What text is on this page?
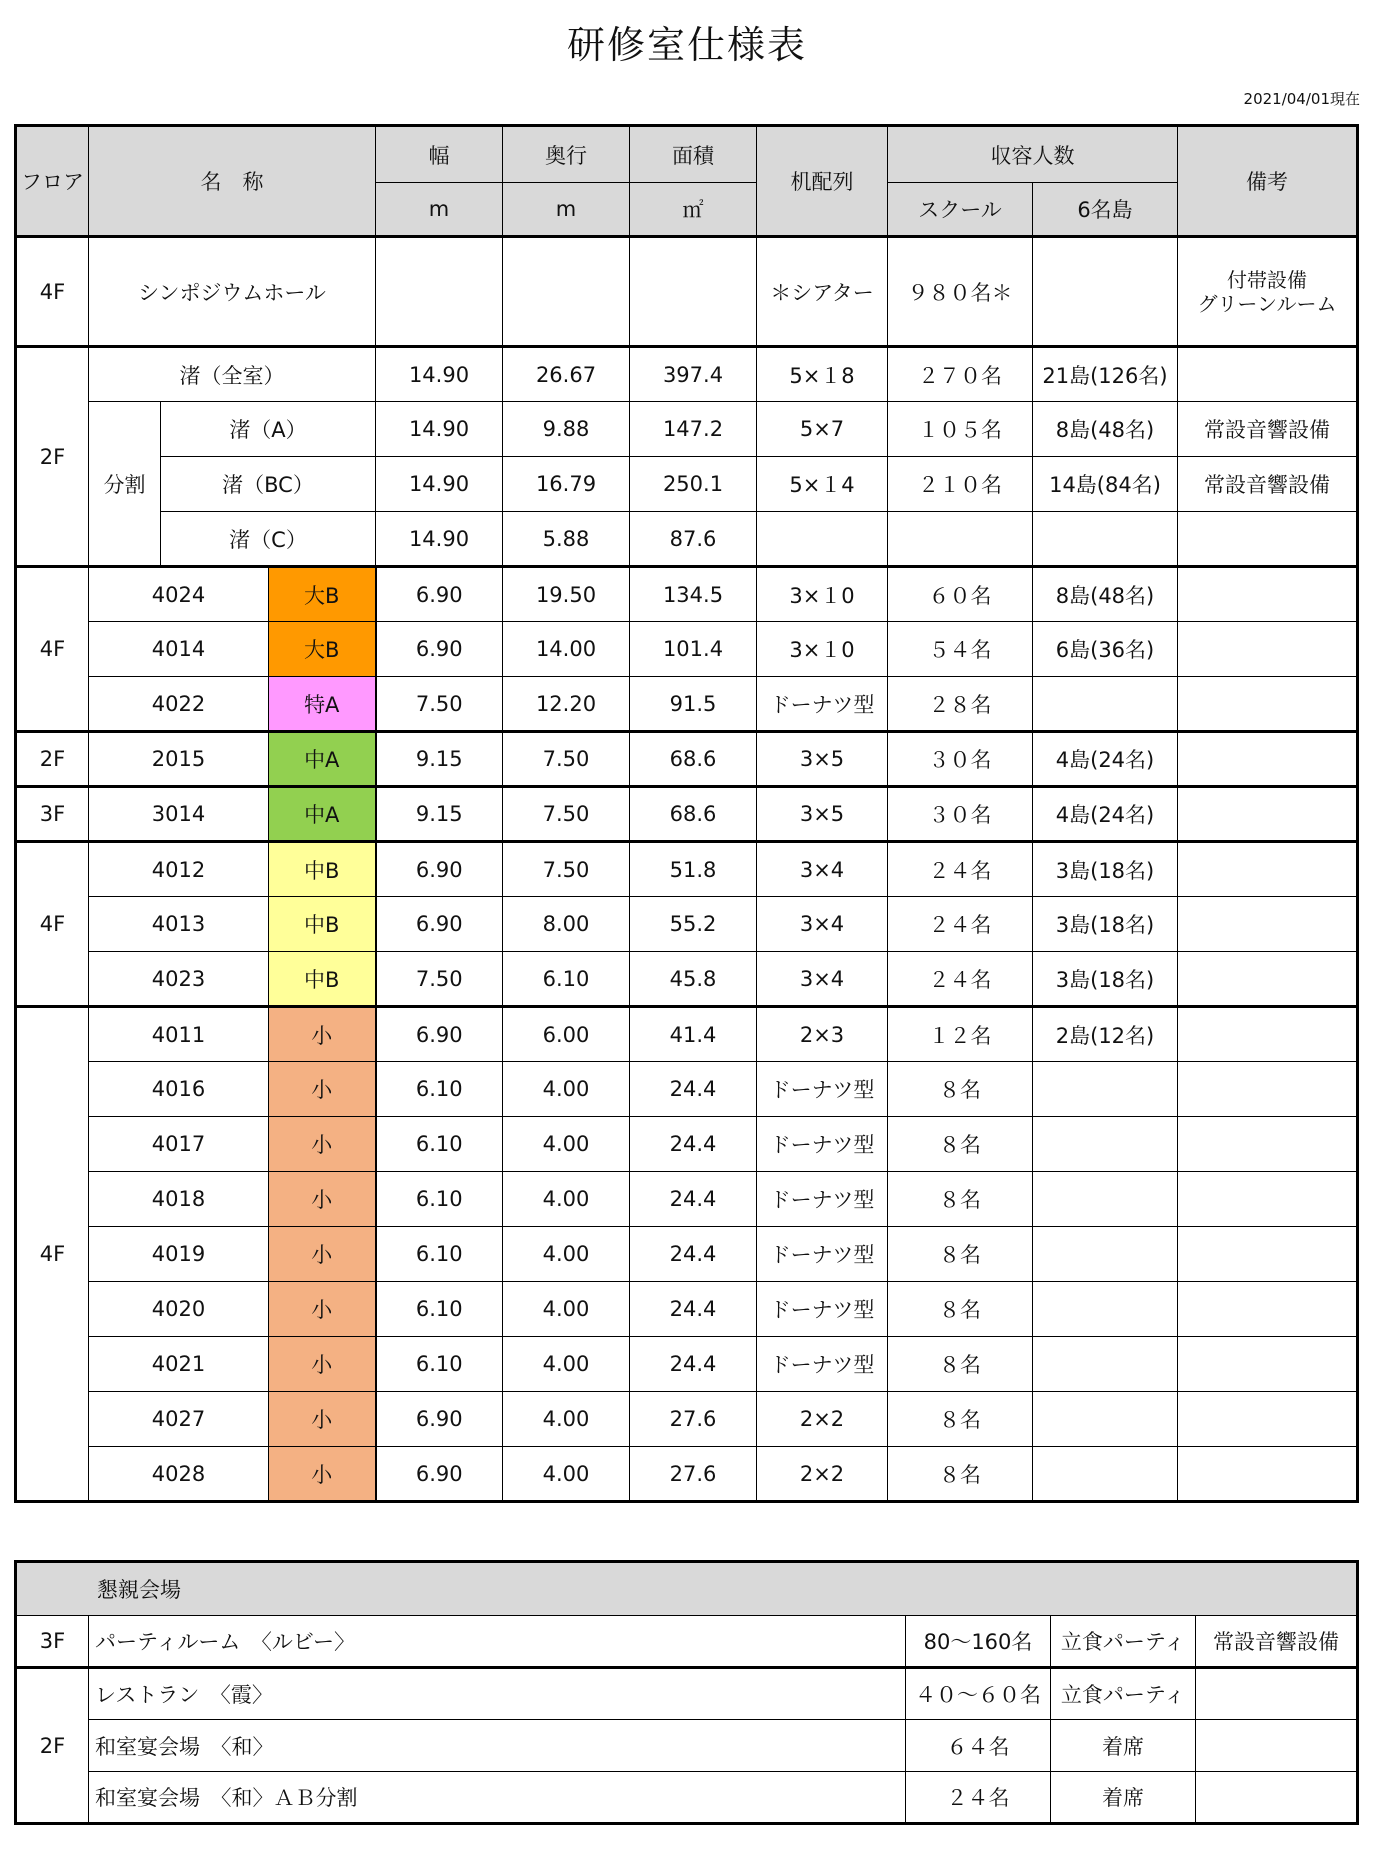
研修室仕様表
2021/04/01現在
フロア	名　称			幅	奥行	面積	机配列	収容人数		備考
				m	m	㎡		スクール	6名島	
4F	シンポジウムホール						＊シアター	９８０名＊		付帯設備
グリーンルーム
2F	渚（全室）			14.90	26.67	397.4	5×１8	２７０名	21島(126名)	
	分割	渚（A）		14.90	9.88	147.2	5×7	１０５名	8島(48名)	常設音響設備
		渚（BC）		14.90	16.79	250.1	5×１4	２１０名	14島(84名)	常設音響設備
		渚（C）		14.90	5.88	87.6				
4F	4024		大B	6.90	19.50	134.5	3×１0	６０名	8島(48名)	
	4014		大B	6.90	14.00	101.4	3×１0	５４名	6島(36名)	
	4022		特A	7.50	12.20	91.5	ドーナツ型	２８名		
2F	2015		中A	9.15	7.50	68.6	3×5	３０名	4島(24名)	
3F	3014		中A	9.15	7.50	68.6	3×5	３０名	4島(24名)	
4F	4012		中B	6.90	7.50	51.8	3×4	２４名	3島(18名)	
	4013		中B	6.90	8.00	55.2	3×4	２４名	3島(18名)	
	4023		中B	7.50	6.10	45.8	3×4	２４名	3島(18名)	
4F	4011		小	6.90	6.00	41.4	2×3	１２名	2島(12名)	
	4016		小	6.10	4.00	24.4	ドーナツ型	８名		
	4017		小	6.10	4.00	24.4	ドーナツ型	８名		
	4018		小	6.10	4.00	24.4	ドーナツ型	８名		
	4019		小	6.10	4.00	24.4	ドーナツ型	８名		
	4020		小	6.10	4.00	24.4	ドーナツ型	８名		
	4021		小	6.10	4.00	24.4	ドーナツ型	８名		
	4027		小	6.90	4.00	27.6	2×2	８名		
	4028		小	6.90	4.00	27.6	2×2	８名		
懇親会場				
3F	パーティルーム　〈ルビー〉	80～160名	立食パーティ	常設音響設備
2F	レストラン　〈霞〉	４０～６０名	立食パーティ	
	和室宴会場　〈和〉	６４名	着席	
	和室宴会場　〈和〉ＡＢ分割	２４名	着席	
